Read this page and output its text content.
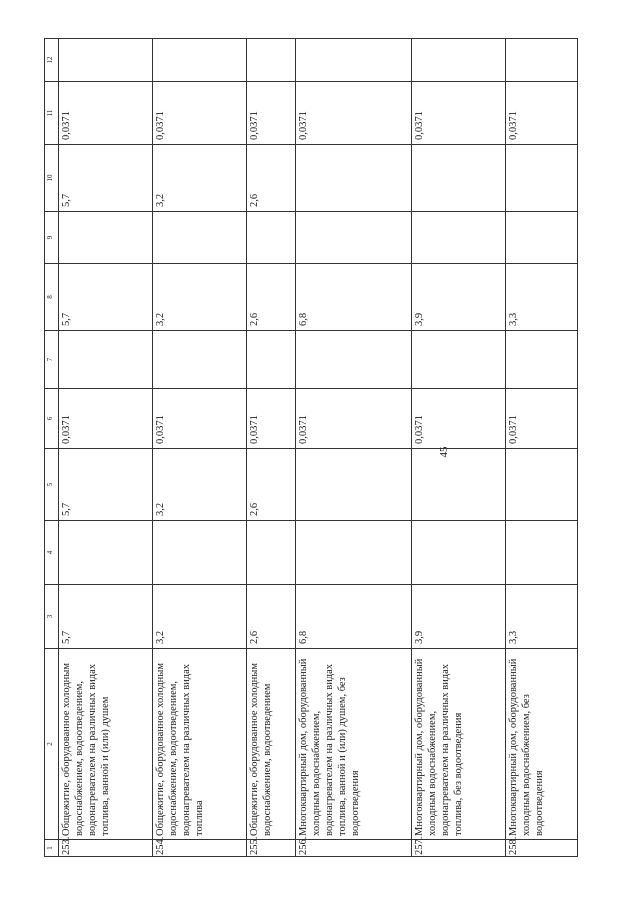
45
1	2	3	4	5	6	7	8	9	10	11	12
253.	Общежитие, оборудованное холодным водоснабжением, водоотведением, водонагревателем на различных видах топлива, ванной и (или) душем	5,7		5,7	0,0371		5,7		5,7	0,0371	
254.	Общежитие, оборудованное холодным водоснабжением, водоотведением, водонагревателем на различных видах топлива	3,2		3,2	0,0371		3,2		3,2	0,0371	
255.	Общежитие, оборудованное холодным водоснабжением, водоотведением	2,6		2,6	0,0371		2,6		2,6	0,0371	
256.	Многоквартирный дом, оборудованный холодным водоснабжением, водонагревателем на различных видах топлива, ванной и (или) душем, без водоотведения	6,8			0,0371		6,8			0,0371	
257.	Многоквартирный дом, оборудованный холодным водоснабжением, водонагревателем на различных видах топлива, без водоотведения	3,9			0,0371		3,9			0,0371	
258.	Многоквартирный дом, оборудованный холодным водоснабжением, без водоотведения	3,3			0,0371		3,3			0,0371	
